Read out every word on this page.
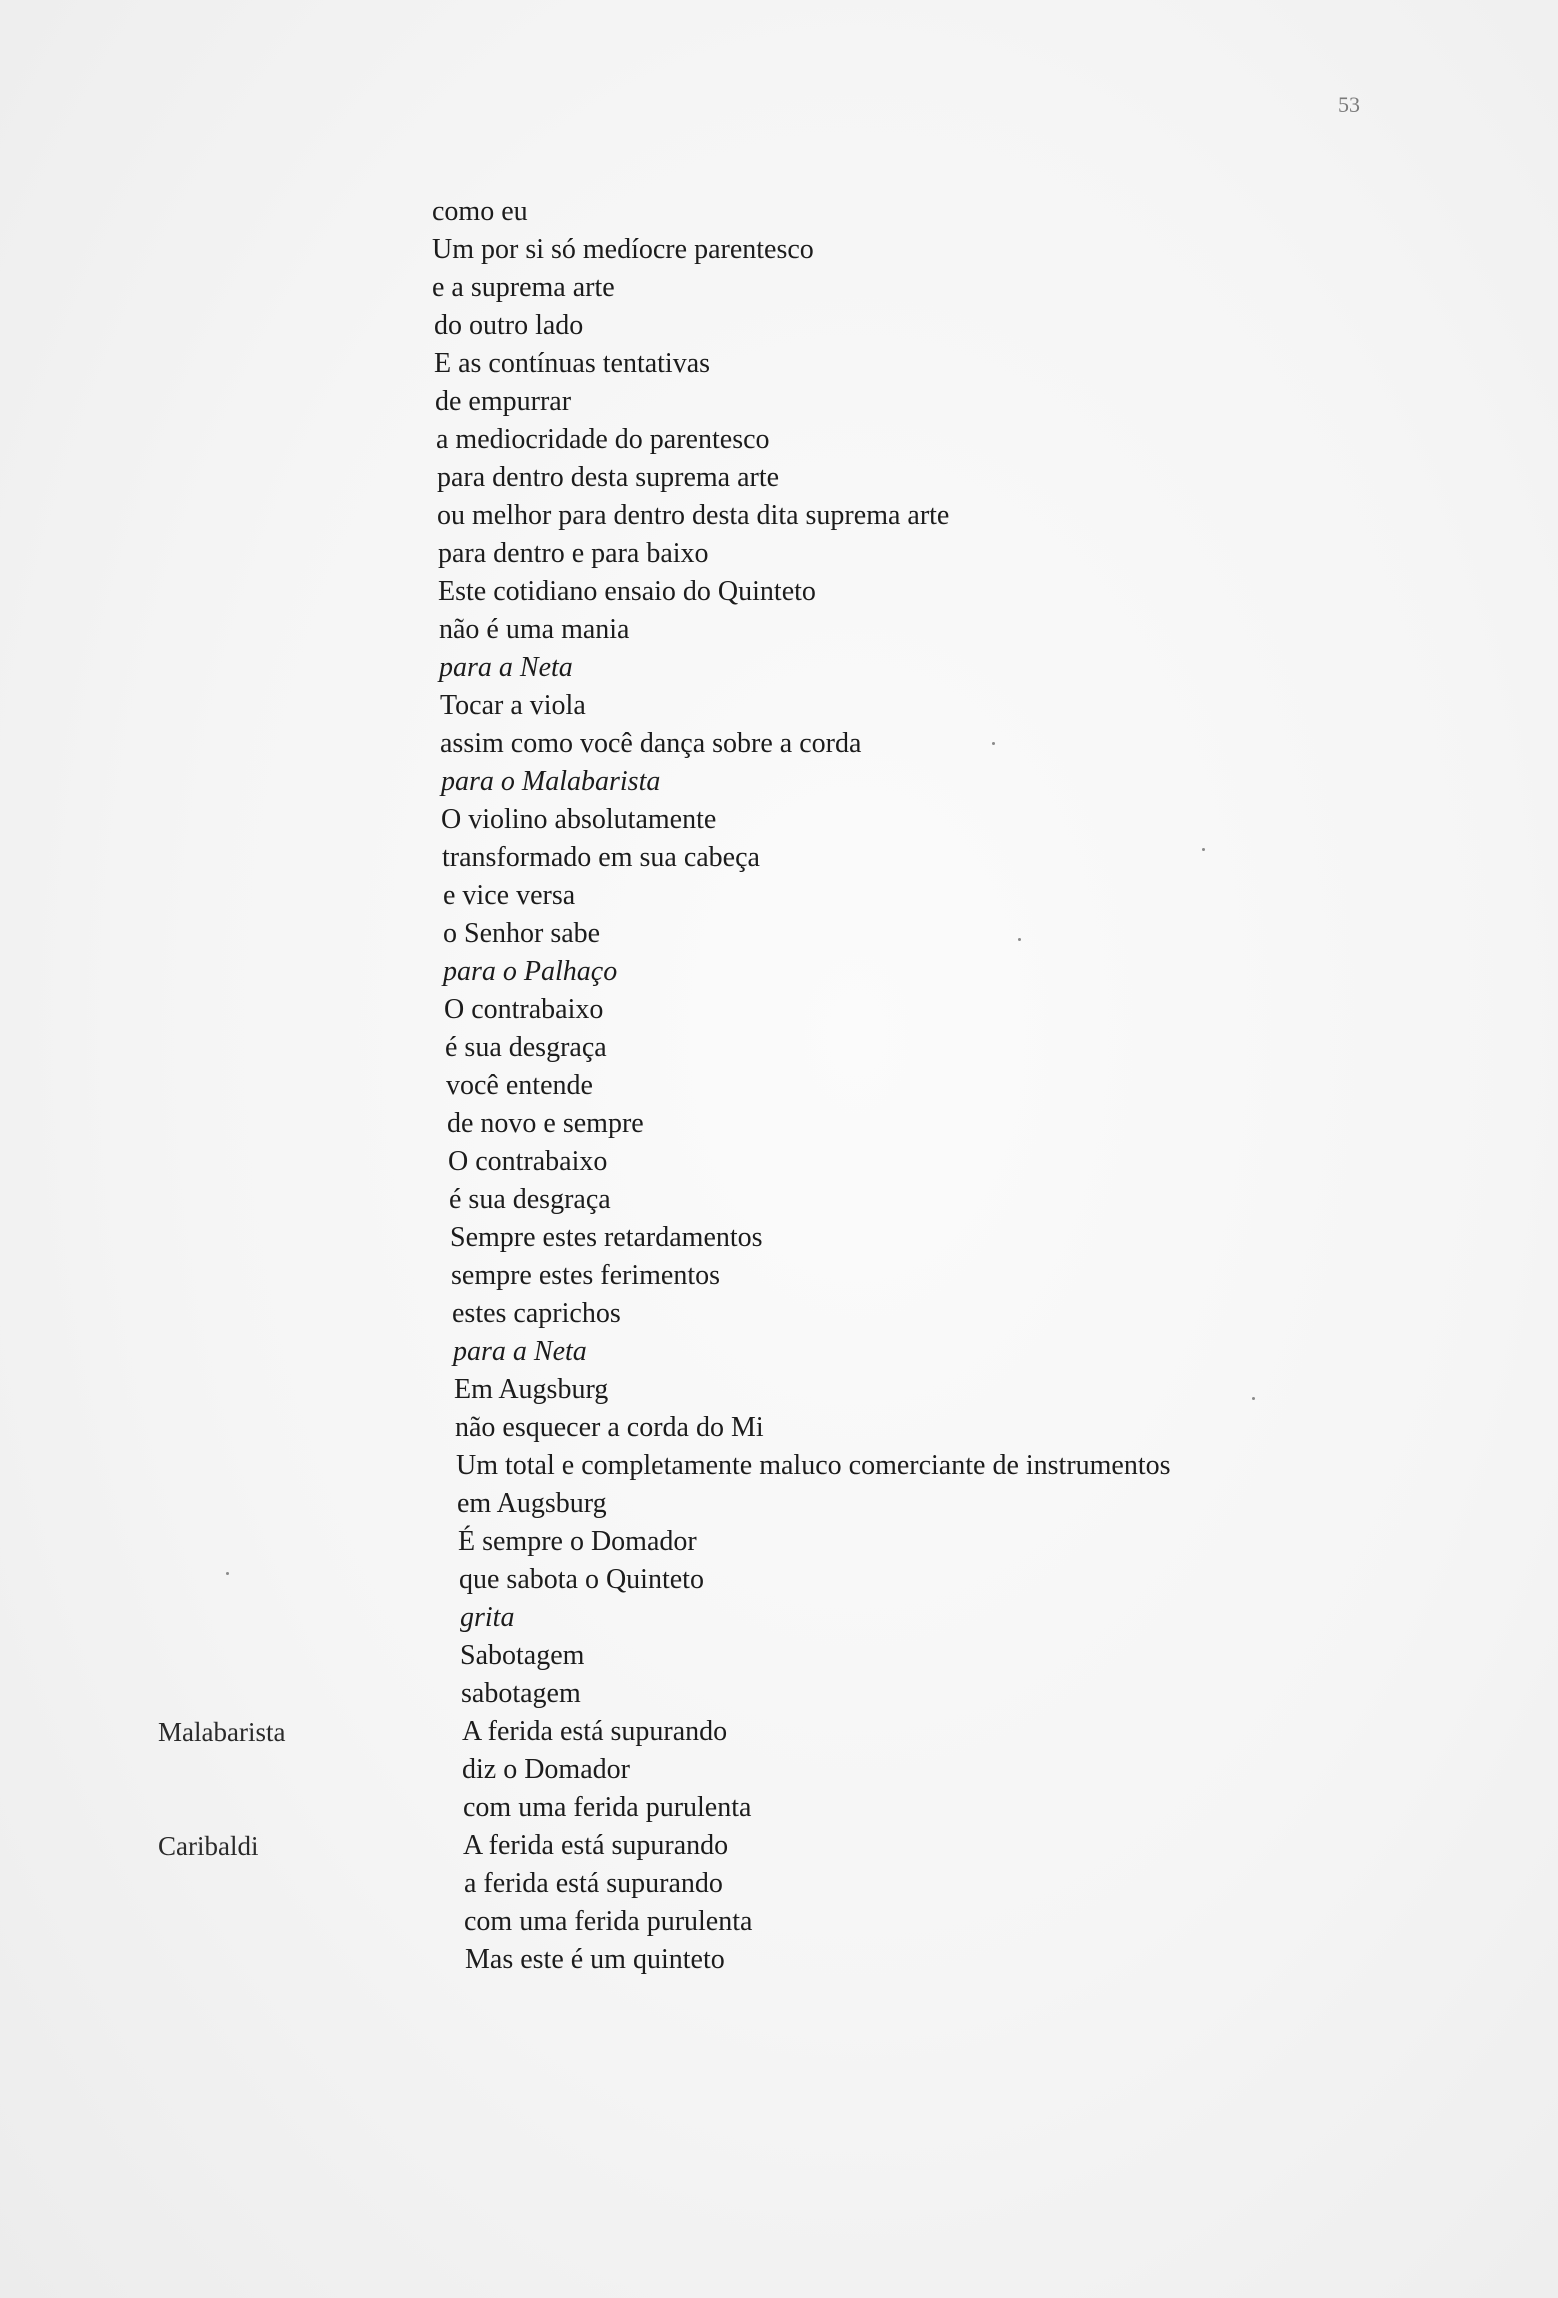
53
como eu
Um por si só medíocre parentesco
e a suprema arte
do outro lado
E as contínuas tentativas
de empurrar
a mediocridade do parentesco
para dentro desta suprema arte
ou melhor para dentro desta dita suprema arte
para dentro e para baixo
Este cotidiano ensaio do Quinteto
não é uma mania
para a Neta
Tocar a viola
assim como você dança sobre a corda
para o Malabarista
O violino absolutamente
transformado em sua cabeça
e vice versa
o Senhor sabe
para o Palhaço
O contrabaixo
é sua desgraça
você entende
de novo e sempre
O contrabaixo
é sua desgraça
Sempre estes retardamentos
sempre estes ferimentos
estes caprichos
para a Neta
Em Augsburg
não esquecer a corda do Mi
Um total e completamente maluco comerciante de instrumentos
em Augsburg
É sempre o Domador
que sabota o Quinteto
grita
Sabotagem
sabotagem
A ferida está supurando
diz o Domador
com uma ferida purulenta
A ferida está supurando
a ferida está supurando
com uma ferida purulenta
Mas este é um quinteto
Malabarista
Caribaldi
